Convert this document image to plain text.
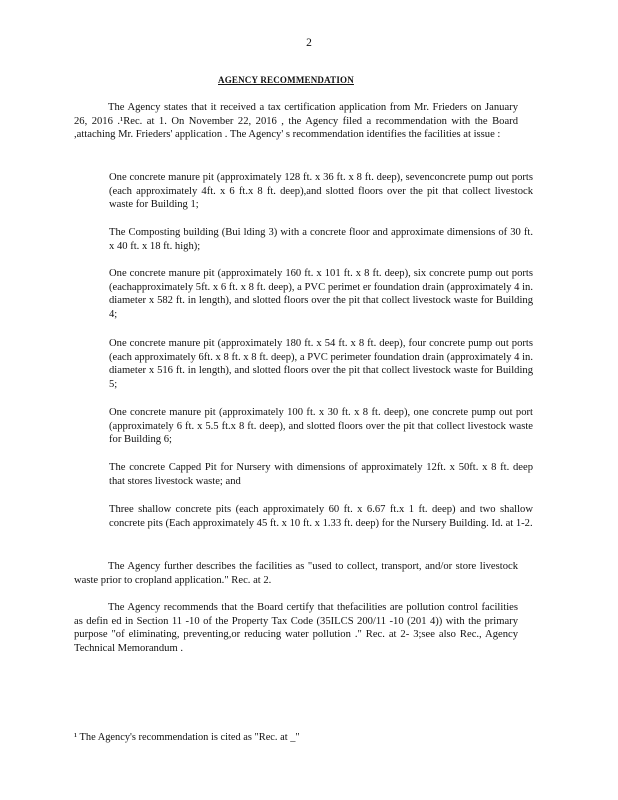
2
AGENCY RECOMMENDATION
The Agency states that it received a tax certification application from Mr. Frieders on January 26, 2016 .¹Rec. at 1. On November 22, 2016 , the Agency filed a recommendation with the Board ,attaching Mr. Frieders' application . The Agency' s recommendation identifies the facilities at issue :
One concrete manure pit (approximately 128 ft. x 36 ft. x 8 ft. deep), sevenconcrete pump out ports (each approximately 4ft. x 6 ft.x 8 ft. deep),and slotted floors over the pit that collect livestock waste for Building 1;
The Composting building (Bui lding 3) with a concrete floor and approximate dimensions of 30 ft. x 40 ft. x 18 ft. high);
One concrete manure pit (approximately 160 ft. x 101 ft. x 8 ft. deep), six concrete pump out ports (eachapproximately 5ft. x 6 ft. x 8 ft. deep), a PVC perimet er foundation drain (approximately 4 in. diameter x 582 ft. in length), and slotted floors over the pit that collect livestock waste for Building 4;
One concrete manure pit (approximately 180 ft. x 54 ft. x 8 ft. deep), four concrete pump out ports (each approximately 6ft. x 8 ft. x 8 ft. deep), a PVC perimeter foundation drain (approximately 4 in. diameter x 516 ft. in length), and slotted floors over the pit that collect livestock waste for Building 5;
One concrete manure pit (approximately 100 ft. x 30 ft. x 8 ft. deep), one concrete pump out port (approximately 6 ft. x 5.5 ft.x 8 ft. deep), and slotted floors over the pit that collect livestock waste for Building 6;
The concrete Capped Pit for Nursery with dimensions of approximately 12ft. x 50ft. x 8 ft. deep that stores livestock waste; and
Three shallow concrete pits (each approximately 60 ft. x 6.67 ft.x 1 ft. deep) and two shallow concrete pits (Each approximately 45 ft. x 10 ft. x 1.33 ft. deep) for the Nursery Building. Id. at 1-2.
The Agency further describes the facilities as "used to collect, transport, and/or store livestock waste prior to cropland application." Rec. at 2.
The Agency recommends that the Board certify that thefacilities are pollution control facilities as defin ed in Section 11 -10 of the Property Tax Code (35ILCS 200/11 -10 (201 4)) with the primary purpose "of eliminating, preventing,or reducing water pollution ." Rec. at 2- 3;see also Rec., Agency Technical Memorandum .
¹ The Agency's recommendation is cited as "Rec. at _"
